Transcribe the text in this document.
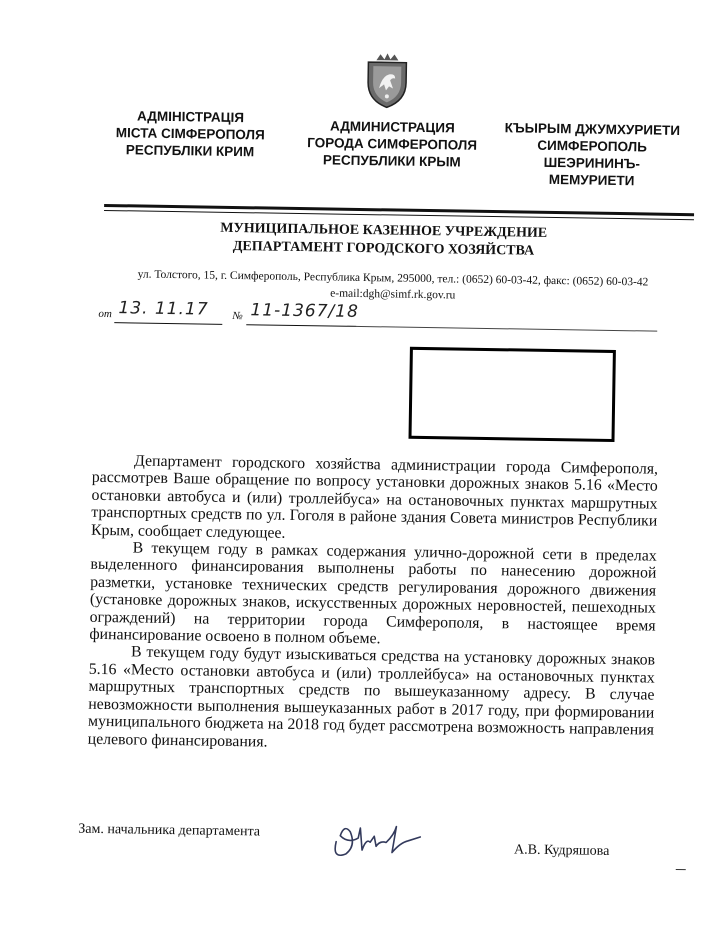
АДМІНІСТРАЦІЯ
МІСТА СІМФЕРОПОЛЯ
РЕСПУБЛІКИ КРИМ
АДМИНИСТРАЦИЯ
ГОРОДА СИМФЕРОПОЛЯ
РЕСПУБЛИКИ КРЫМ
КЪЫРЫМ ДЖУМХУРИЕТИ
СИМФЕРОПОЛЬ
ШЕЭРИНИНЪ-
МЕМУРИЕТИ
МУНИЦИПАЛЬНОЕ КАЗЕННОЕ УЧРЕЖДЕНИЕ
ДЕПАРТАМЕНТ ГОРОДСКОГО ХОЗЯЙСТВА
ул. Толстого, 15, г. Симферополь, Республика Крым, 295000, тел.: (0652) 60-03-42, факс: (0652) 60-03-42
e-mail:dgh@simf.rk.gov.ru
от 13. 11.17 № 11-1367/18

Департамент городского хозяйства администрации города Симферополя, рассмотрев Ваше обращение по вопросу установки дорожных знаков 5.16 «Место остановки автобуса и (или) троллейбуса» на остановочных пунктах маршрутных транспортных средств по ул. Гоголя в районе здания Совета министров Республики Крым, сообщает следующее.

В текущем году в рамках содержания улично-дорожной сети в пределах выделенного финансирования выполнены работы по нанесению дорожной разметки, установке технических средств регулирования дорожного движения (установке дорожных знаков, искусственных дорожных неровностей, пешеходных ограждений) на территории города Симферополя, в настоящее время финансирование освоено в полном объеме.

В текущем году будут изыскиваться средства на установку дорожных знаков 5.16 «Место остановки автобуса и (или) троллейбуса» на остановочных пунктах маршрутных транспортных средств по вышеуказанному адресу. В случае невозможности выполнения вышеуказанных работ в 2017 году, при формировании муниципального бюджета на 2018 год будет рассмотрена возможность направления целевого финансирования.

Зам. начальника департамента
А.В. Кудряшова
